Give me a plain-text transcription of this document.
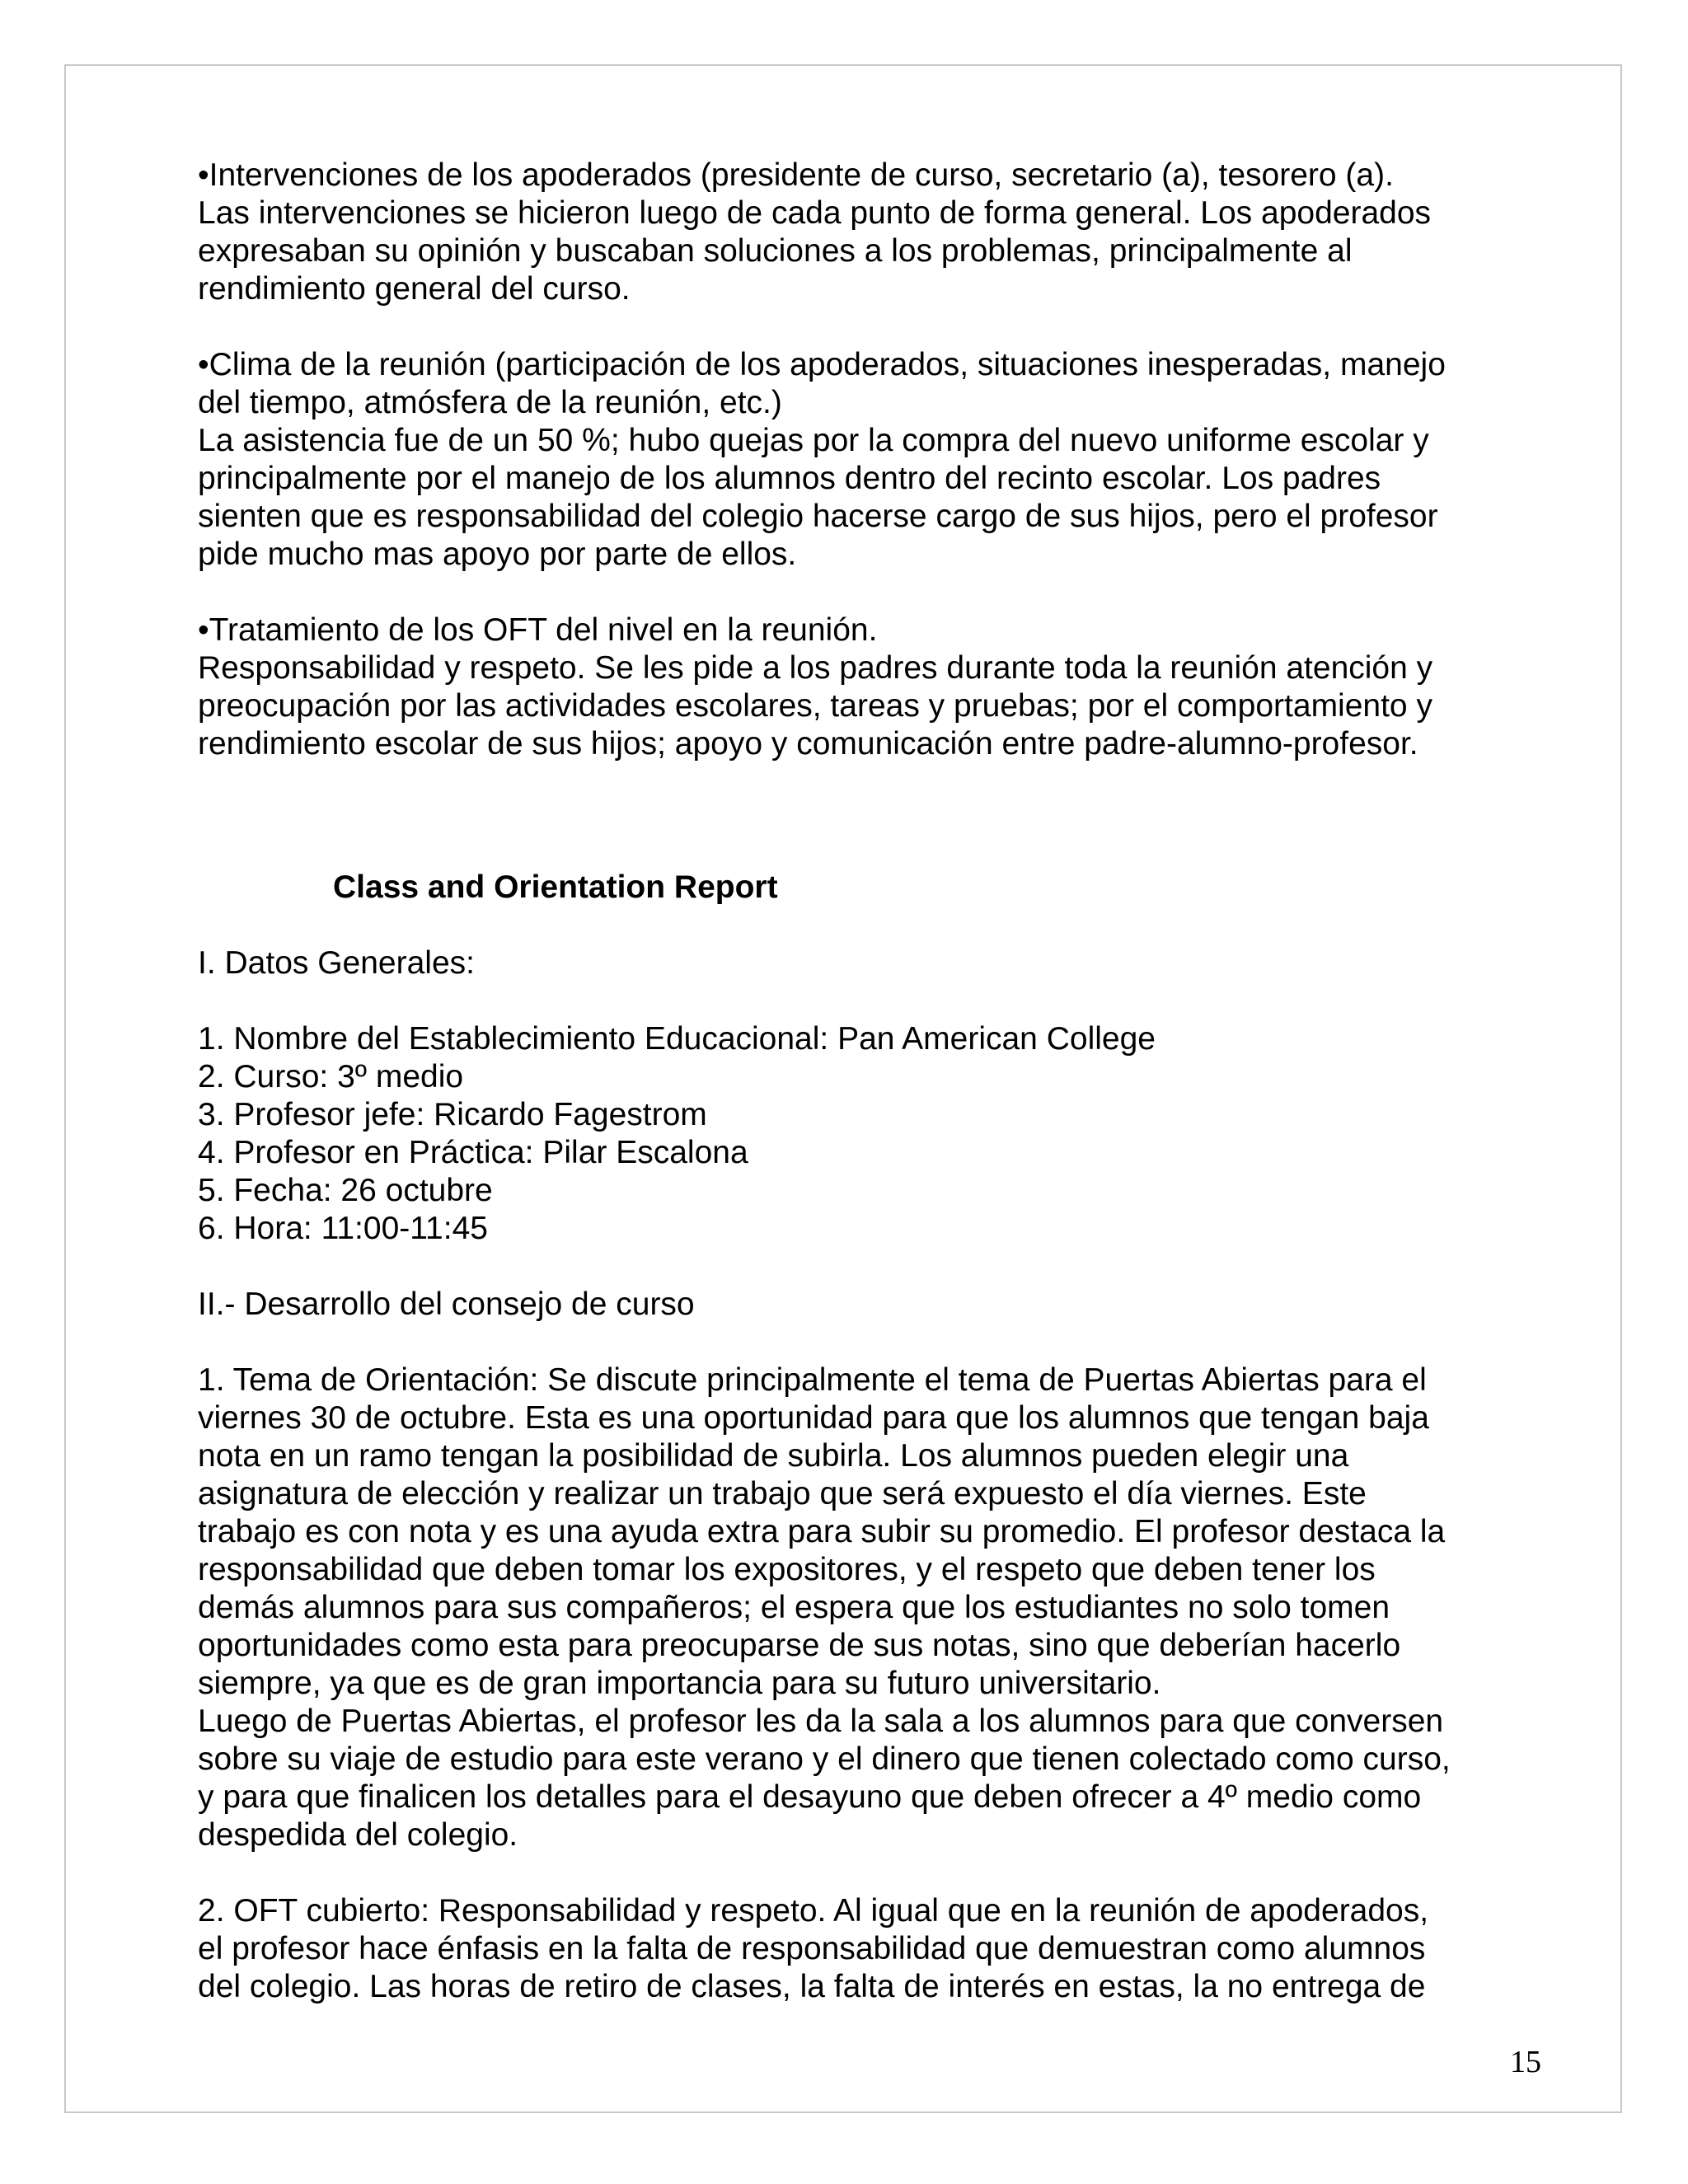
•Intervenciones de los apoderados (presidente de curso, secretario (a), tesorero (a).

Las intervenciones se hicieron luego de cada punto de forma general. Los apoderados
expresaban su opinión y buscaban soluciones a los problemas, principalmente al
rendimiento general del curso.

•Clima de la reunión (participación de los apoderados, situaciones inesperadas, manejo
del tiempo, atmósfera de la reunión, etc.)

La asistencia fue de un 50 %; hubo quejas por la compra del nuevo uniforme escolar y
principalmente por el manejo de los alumnos dentro del recinto escolar. Los padres
sienten que es responsabilidad del colegio hacerse cargo de sus hijos, pero el profesor
pide mucho mas apoyo por parte de ellos.

•Tratamiento de los OFT del nivel en la reunión.

Responsabilidad y respeto. Se les pide a los padres durante toda la reunión atención y
preocupación por las actividades escolares, tareas y pruebas; por el comportamiento y
rendimiento escolar de sus hijos; apoyo y comunicación entre padre-alumno-profesor.

Class and Orientation Report

I. Datos Generales:

1. Nombre del Establecimiento Educacional: Pan American College

2. Curso: 3º medio

3. Profesor jefe: Ricardo Fagestrom

4. Profesor en Práctica: Pilar Escalona

5. Fecha: 26 octubre

6. Hora: 11:00-11:45

II.- Desarrollo del consejo de curso

1. Tema de Orientación: Se discute principalmente el tema de Puertas Abiertas para el
viernes 30 de octubre. Esta es una oportunidad para que los alumnos que tengan baja
nota en un ramo tengan la posibilidad de subirla. Los alumnos pueden elegir una
asignatura de elección y realizar un trabajo que será expuesto el día viernes. Este
trabajo es con nota y es una ayuda extra para subir su promedio. El profesor destaca la
responsabilidad que deben tomar los expositores, y el respeto que deben tener los
demás alumnos para sus compañeros; el espera que los estudiantes no solo tomen
oportunidades como esta para preocuparse de sus notas, sino que deberían hacerlo
siempre, ya que es de gran importancia para su futuro universitario.
Luego de Puertas Abiertas, el profesor les da la sala a los alumnos para que conversen
sobre su viaje de estudio para este verano y el dinero que tienen colectado como curso,
y para que finalicen los detalles para el desayuno que deben ofrecer a 4º medio como
despedida del colegio.

2. OFT cubierto: Responsabilidad y respeto. Al igual que en la reunión de apoderados,
el profesor hace énfasis en la falta de responsabilidad que demuestran como alumnos
del colegio. Las horas de retiro de clases, la falta de interés en estas, la no entrega de

15
